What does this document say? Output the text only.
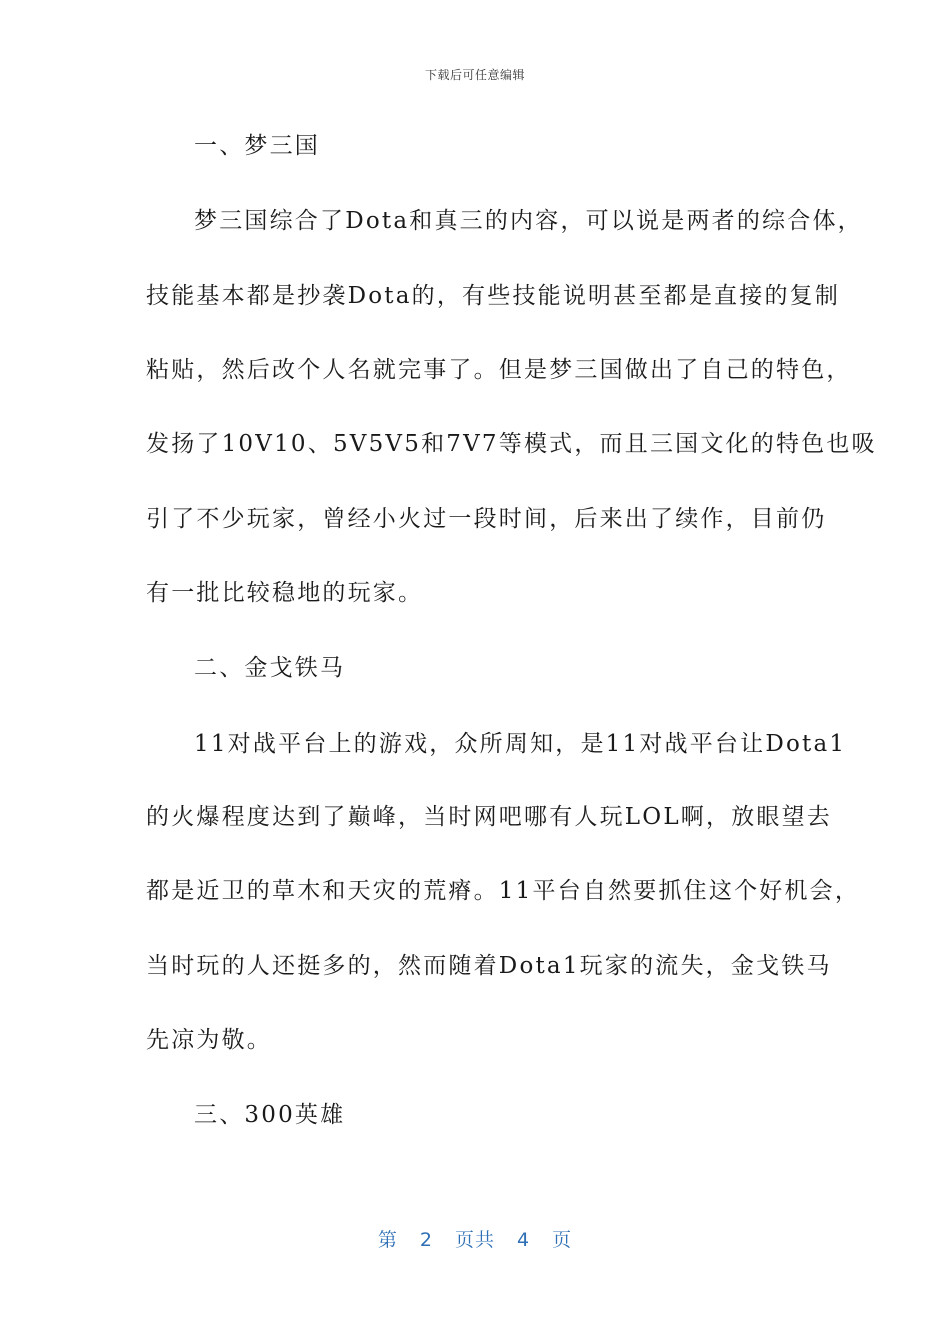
下载后可任意编辑
一、梦三国
梦三国综合了Dota和真三的内容，可以说是两者的综合体，
技能基本都是抄袭Dota的，有些技能说明甚至都是直接的复制
粘贴，然后改个人名就完事了。但是梦三国做出了自己的特色，
发扬了10V10、5V5V5和7V7等模式，而且三国文化的特色也吸
引了不少玩家，曾经小火过一段时间，后来出了续作，目前仍
有一批比较稳地的玩家。
二、金戈铁马
11对战平台上的游戏，众所周知，是11对战平台让Dota1
的火爆程度达到了巅峰，当时网吧哪有人玩LOL啊，放眼望去
都是近卫的草木和天灾的荒瘠。11平台自然要抓住这个好机会，
当时玩的人还挺多的，然而随着Dota1玩家的流失，金戈铁马
先凉为敬。
三、300英雄
第 2 页共 4 页
